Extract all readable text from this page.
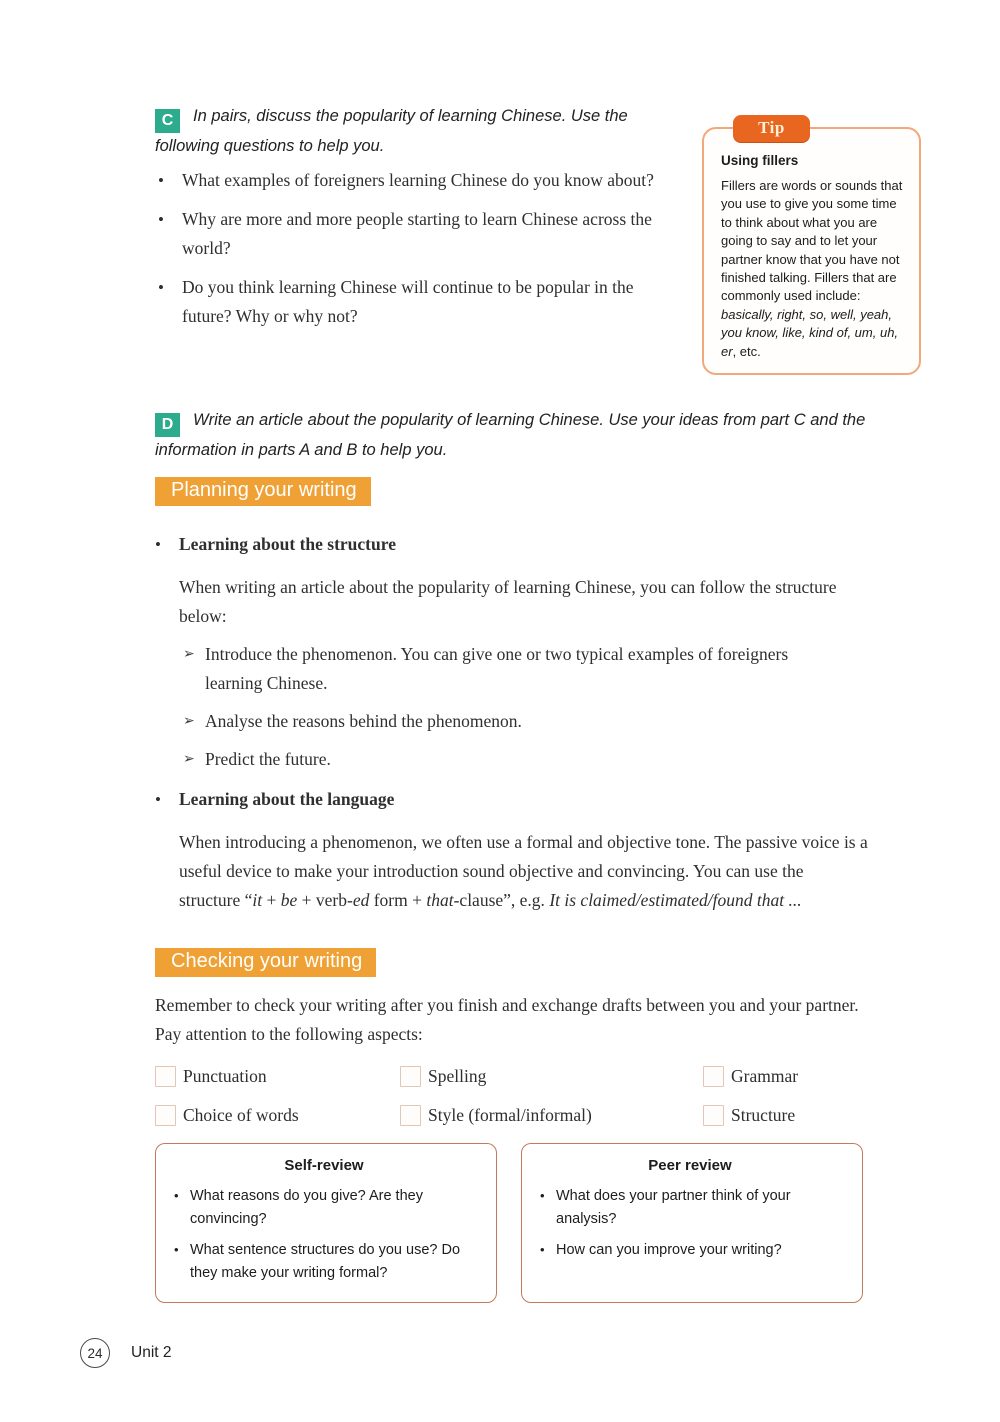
C In pairs, discuss the popularity of learning Chinese. Use the following questions to help you.
•	What examples of foreigners learning Chinese do you know about?
•	Why are more and more people starting to learn Chinese across the world?
•	Do you think learning Chinese will continue to be popular in the future? Why or why not?
Tip
Using fillers
Fillers are words or sounds that you use to give you some time to think about what you are going to say and to let your partner know that you have not finished talking. Fillers that are commonly used include: basically, right, so, well, yeah, you know, like, kind of, um, uh, er, etc.
D Write an article about the popularity of learning Chinese. Use your ideas from part C and the information in parts A and B to help you.
Planning your writing
•	Learning about the structure

When writing an article about the popularity of learning Chinese, you can follow the structure below:

➢ Introduce the phenomenon. You can give one or two typical examples of foreigners learning Chinese.
➢ Analyse the reasons behind the phenomenon.
➢ Predict the future.
•	Learning about the language

When introducing a phenomenon, we often use a formal and objective tone. The passive voice is a useful device to make your introduction sound objective and convincing. You can use the structure “it + be + verb-ed form + that-clause”, e.g. It is claimed/estimated/found that ...

Checking your writing

Remember to check your writing after you finish and exchange drafts between you and your partner. Pay attention to the following aspects:

Punctuation	Spelling	Grammar
Choice of words	Style (formal/informal)	Structure
Self-review
• What reasons do you give? Are they convincing?
• What sentence structures do you use? Do they make your writing formal?
Peer review
• What does your partner think of your analysis?
• How can you improve your writing?
24	Unit 2
